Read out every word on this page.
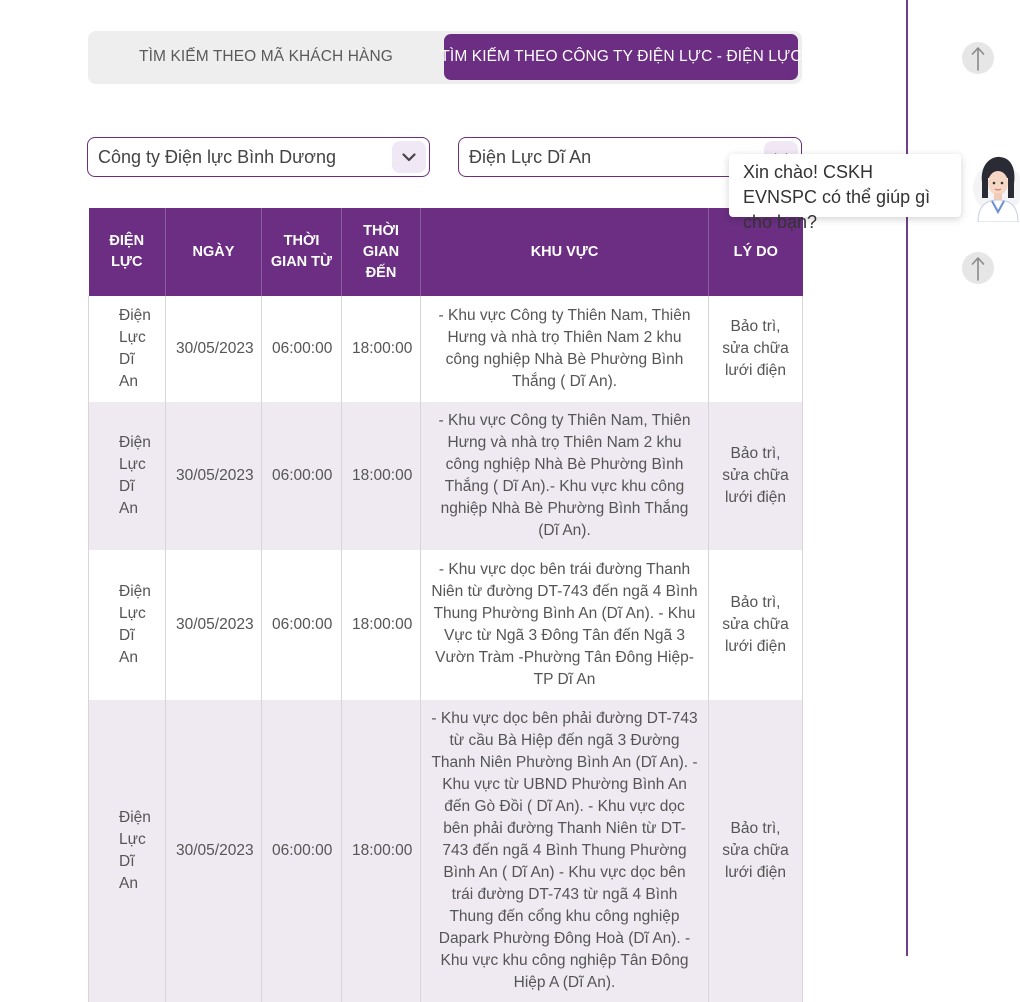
TÌM KIẾM THEO MÃ KHÁCH HÀNG	TÌM KIẾM THEO CÔNG TY ĐIỆN LỰC - ĐIỆN LỰC
Công ty Điện lực Bình Dương	Điện Lực Dĩ An
ĐIỆN LỰC	NGÀY	THỜI GIAN TỪ	THỜI GIAN ĐẾN	KHU VỰC	LÝ DO
Điện Lực Dĩ An	30/05/2023	06:00:00	18:00:00	- Khu vực Công ty Thiên Nam, Thiên Hưng và nhà trọ Thiên Nam 2 khu công nghiệp Nhà Bè Phường Bình Thắng ( Dĩ An).	Bảo trì, sửa chữa lưới điện
Điện Lực Dĩ An	30/05/2023	06:00:00	18:00:00	- Khu vực Công ty Thiên Nam, Thiên Hưng và nhà trọ Thiên Nam 2 khu công nghiệp Nhà Bè Phường Bình Thắng ( Dĩ An).- Khu vực khu công nghiệp Nhà Bè Phường Bình Thắng (Dĩ An).	Bảo trì, sửa chữa lưới điện
Điện Lực Dĩ An	30/05/2023	06:00:00	18:00:00	- Khu vực dọc bên trái đường Thanh Niên từ đường DT-743 đến ngã 4 Bình Thung Phường Bình An (Dĩ An). - Khu Vực từ Ngã 3 Đông Tân đến Ngã 3 Vườn Tràm -Phường Tân Đông Hiệp-TP Dĩ An	Bảo trì, sửa chữa lưới điện
Điện Lực Dĩ An	30/05/2023	06:00:00	18:00:00	- Khu vực dọc bên phải đường DT-743 từ cầu Bà Hiệp đến ngã 3 Đường Thanh Niên Phường Bình An (Dĩ An). - Khu vực từ UBND Phường Bình An đến Gò Đồi ( Dĩ An). - Khu vực dọc bên phải đường Thanh Niên từ DT-743 đến ngã 4 Bình Thung Phường Bình An ( Dĩ An) - Khu vực dọc bên trái đường DT-743 từ ngã 4 Bình Thung đến cổng khu công nghiệp Dapark Phường Đông Hoà (Dĩ An). - Khu vực khu công nghiệp Tân Đông Hiệp A (Dĩ An).	Bảo trì, sửa chữa lưới điện
Xin chào! CSKH EVNSPC có thể giúp gì cho bạn?
